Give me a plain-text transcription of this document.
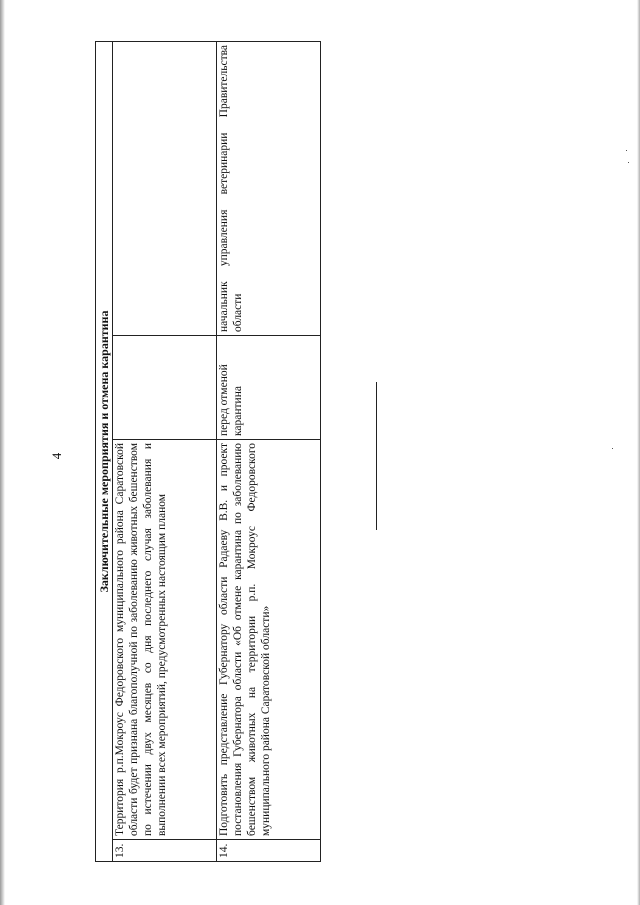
4	Заключительные мероприятия и отмена карантина			
13.	Территория р.п.Мокроус Федоровского муниципального района Саратовской области будет признана благополучной по заболеванию животных бешенством по истечении двух месяцев со дня последнего случая заболевания и выполнении всех мероприятий, предусмотренных настоящим планом		
14.	Подготовить представление Губернатору области Радаеву В.В. и проект постановления Губернатора области «Об отмене карантина по заболеванию бешенством животных на территории р.п. Мокроус Федоровского муниципального района Саратовской области»	перед отменой карантина	начальник управления ветеринарии Правительства области
